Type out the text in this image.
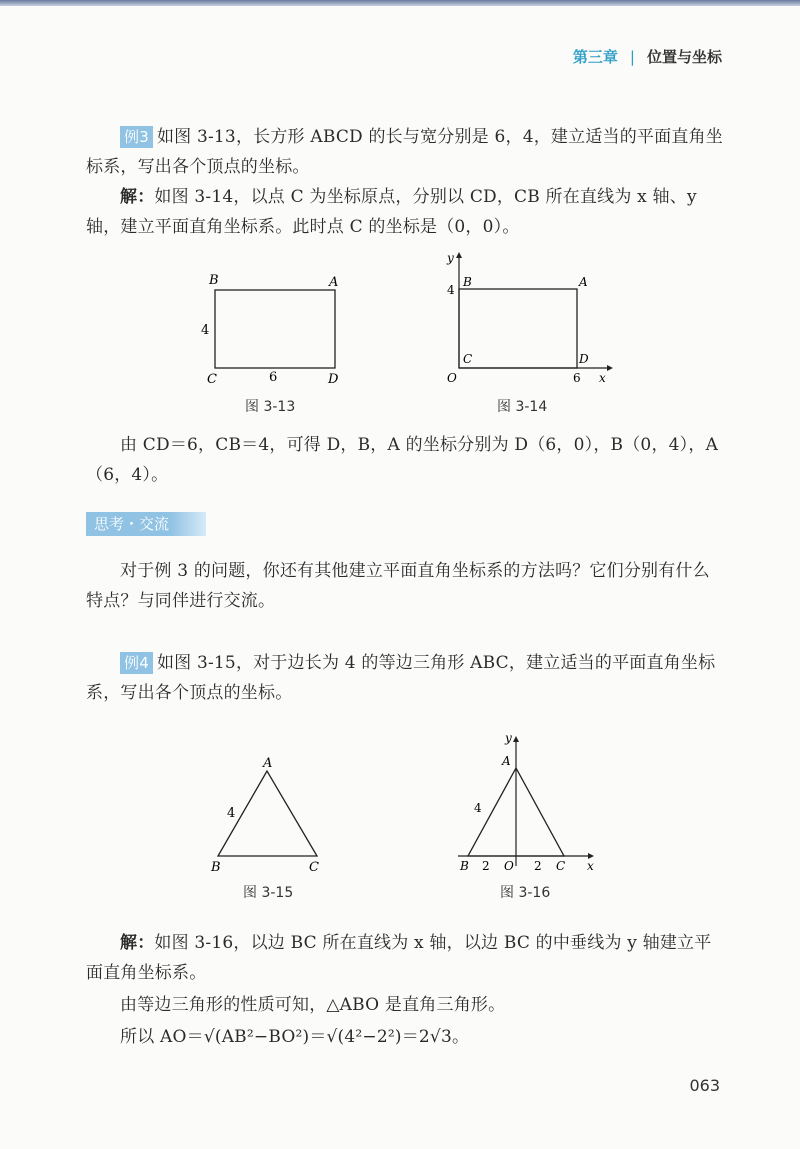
第三章 | 位置与坐标
例3 如图 3-13，长方形 ABCD 的长与宽分别是 6，4，建立适当的平面直角坐标系，写出各个顶点的坐标。
解：如图 3-14，以点 C 为坐标原点，分别以 CD，CB 所在直线为 x 轴、y 轴，建立平面直角坐标系。此时点 C 的坐标是（0，0）。
B	A
C	D
4
6
图 3-13
y
x
O
B	A
C	D
4
6
图 3-14
由 CD＝6，CB＝4，可得 D，B，A 的坐标分别为 D（6，0），B（0，4），A（6，4）。
思考・交流
对于例 3 的问题，你还有其他建立平面直角坐标系的方法吗？它们分别有什么特点？与同伴进行交流。
例4 如图 3-15，对于边长为 4 的等边三角形 ABC，建立适当的平面直角坐标系，写出各个顶点的坐标。
A
B	C
4
图 3-15
y
x
A
B	C
O
2	2
4
图 3-16
解：如图 3-16，以边 BC 所在直线为 x 轴，以边 BC 的中垂线为 y 轴建立平面直角坐标系。
由等边三角形的性质可知，△ABO 是直角三角形。
所以 AO＝√(AB²−BO²)＝√(4²−2²)＝2√3。
063
